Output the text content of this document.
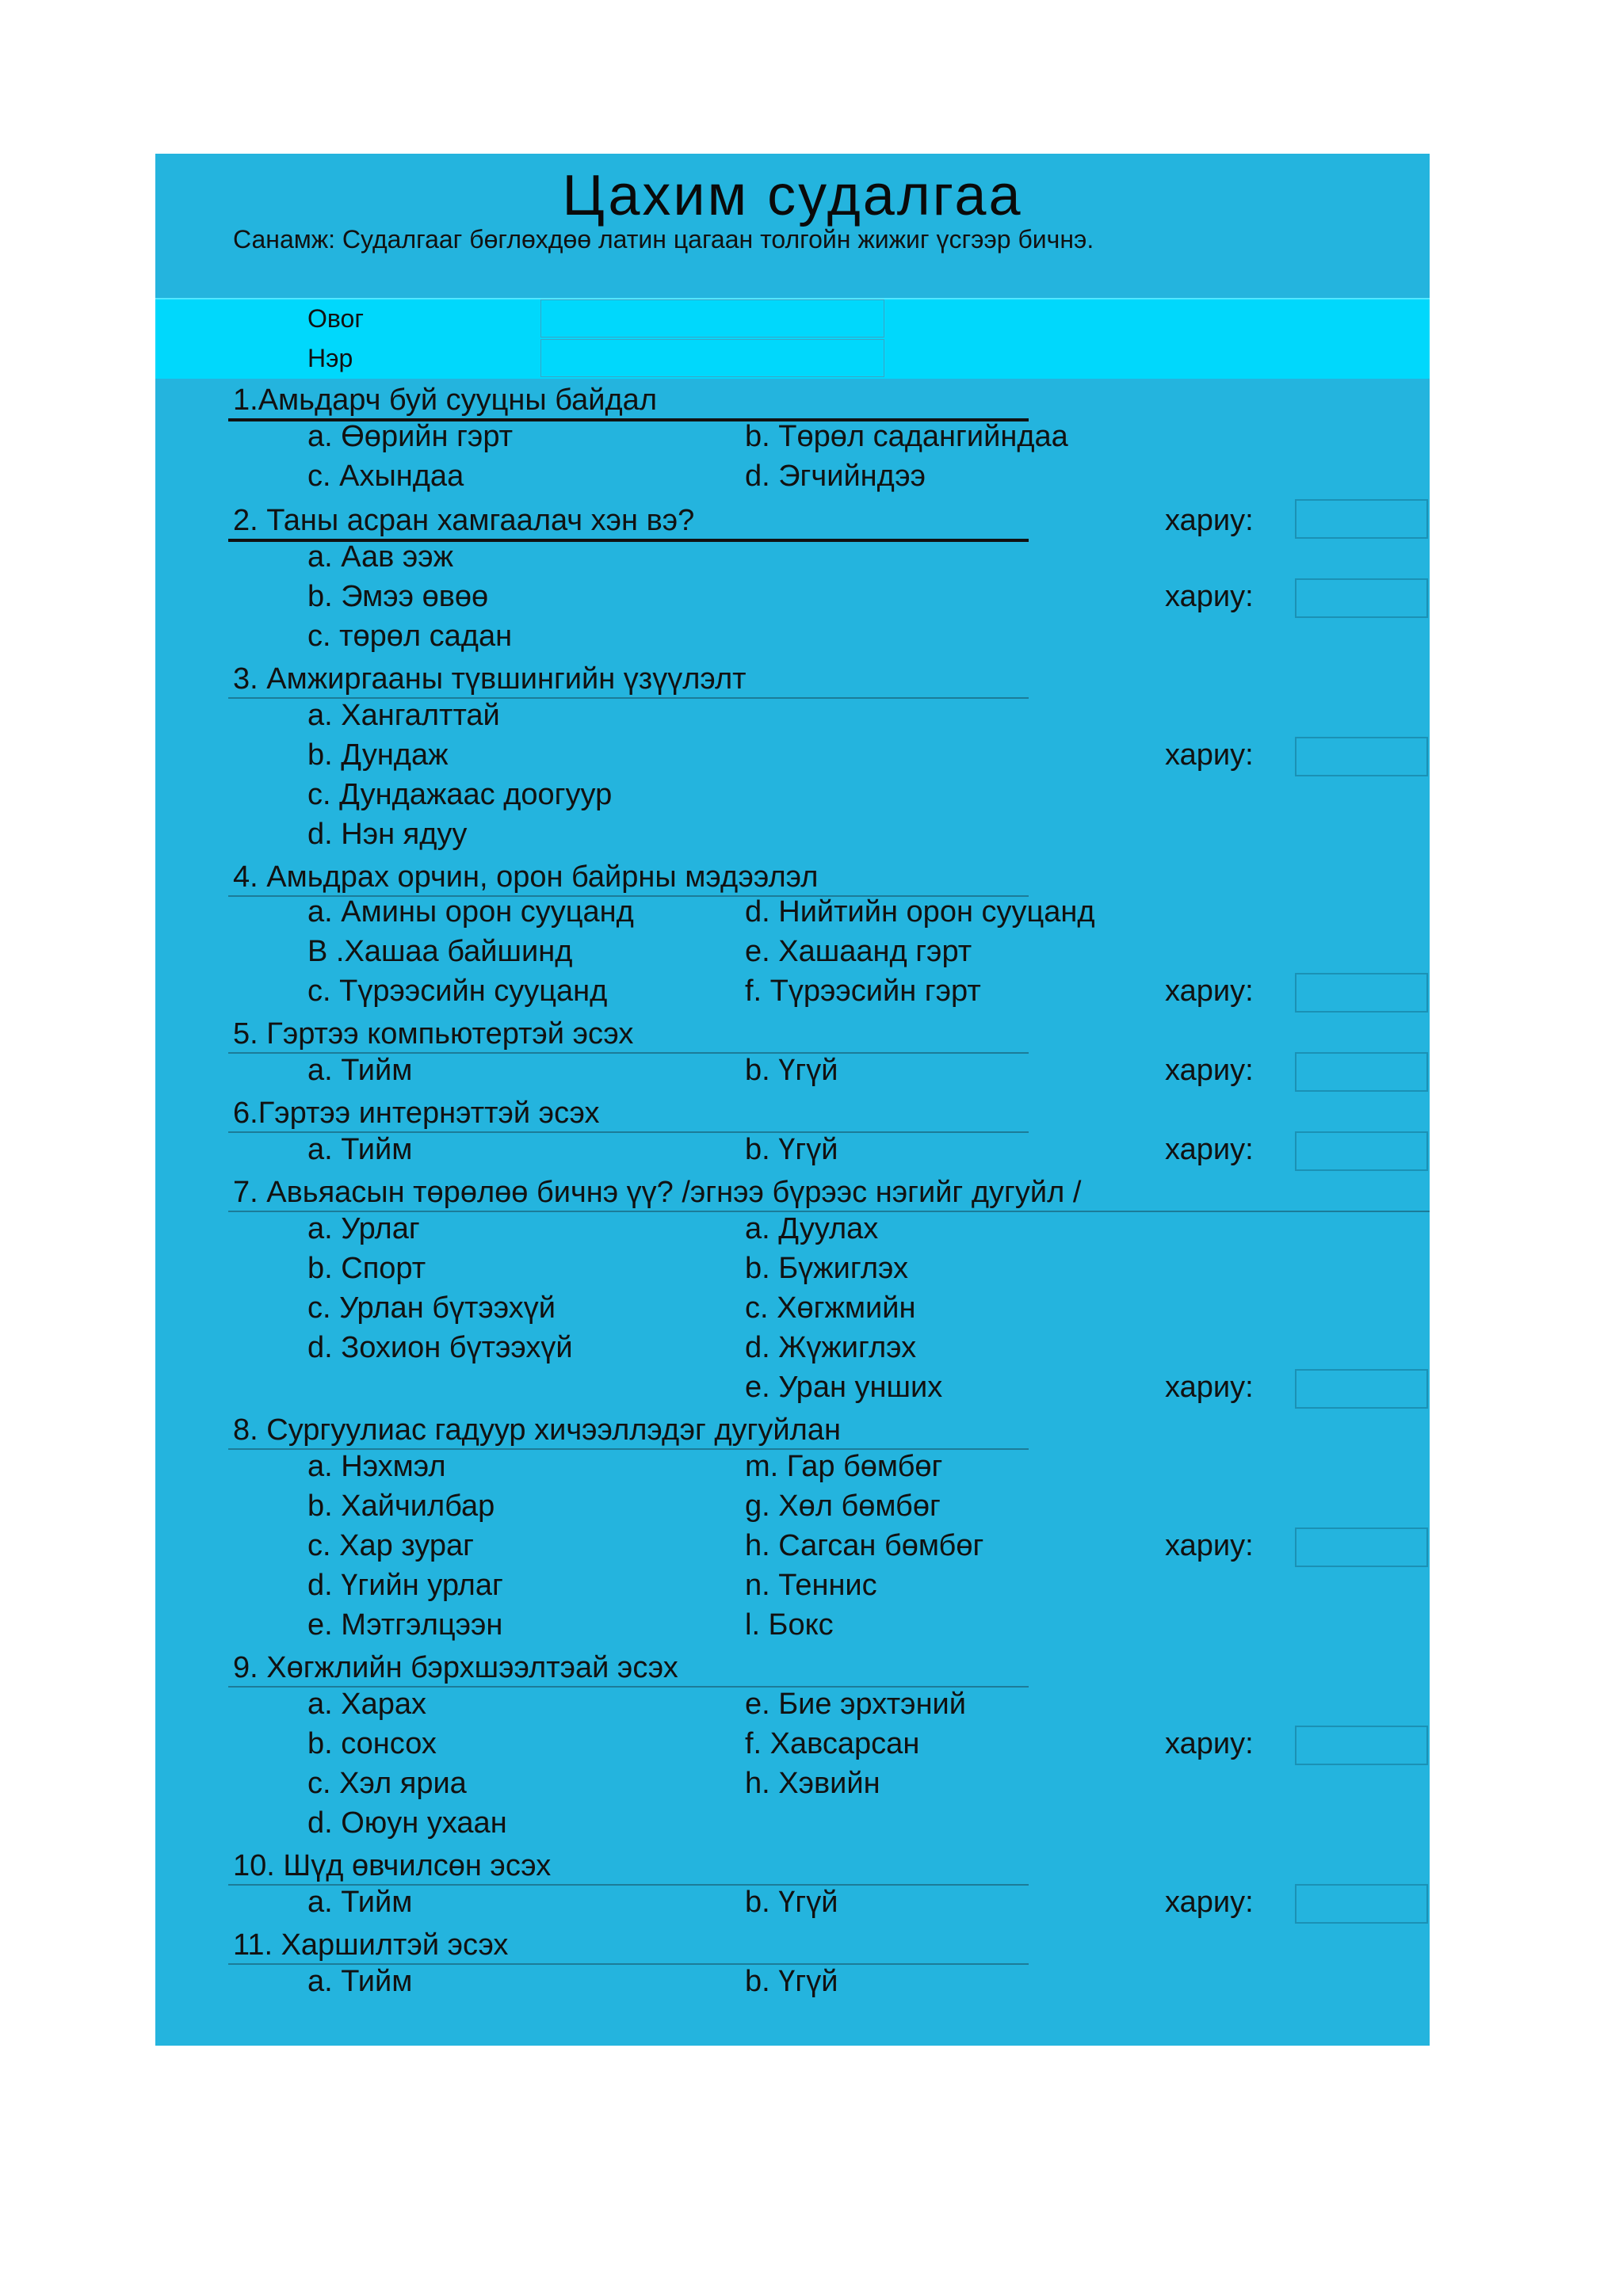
Цахим судалгаа
Санамж: Судалгааг бөглөхдөө латин цагаан толгойн жижиг үсгээр бичнэ.
Овог
Нэр
1.Амьдарч буй сууцны байдал
a. Өөрийн гэрт	b. Төрөл садангийндаа
c. Ахындаа	d. Эгчийндээ
2. Таны асран хамгаалач хэн вэ?	хариу:
a. Аав ээж
b. Эмээ өвөө	хариу:
c. төрөл садан
3. Амжиргааны түвшингийн үзүүлэлт
a. Хангалттай
b. Дундаж	хариу:
c. Дундажаас доогуур
d. Нэн ядуу
4. Амьдрах орчин, орон байрны мэдээлэл
a. Амины орон сууцанд	d. Нийтийн орон сууцанд
B .Хашаа байшинд	e. Хашаанд гэрт
c. Түрээсийн сууцанд	f. Түрээсийн гэрт	хариу:
5. Гэртээ компьютертэй эсэх
a. Тийм	b. Үгүй	хариу:
6.Гэртээ интернэттэй эсэх
a. Тийм	b. Үгүй	хариу:
7. Авьяасын төрөлөө бичнэ үү? /эгнээ бүрээс нэгийг дугуйл /
a. Урлаг	a. Дуулах
b. Спорт	b. Бүжиглэх
c. Урлан бүтээхүй	c. Хөгжмийн
d. Зохион бүтээхүй	d. Жүжиглэх
e. Уран унших	хариу:
8. Сургуулиас гадуур хичээллэдэг дугуйлан
a. Нэхмэл	m. Гар бөмбөг
b. Хайчилбар	g. Хөл бөмбөг
c. Хар зураг	h. Сагсан бөмбөг	хариу:
d. Үгийн урлаг	n. Теннис
e. Мэтгэлцээн	l. Бокс
9. Хөгжлийн бэрхшээлтэай эсэх
a. Харах	e. Бие эрхтэний
b. сонсох	f. Хавсарсан	хариу:
c. Хэл яриа	h. Хэвийн
d. Оюун ухаан
10. Шүд өвчилсөн эсэх
a. Тийм	b. Үгүй	хариу:
11. Харшилтэй эсэх
a. Тийм	b. Үгүй
